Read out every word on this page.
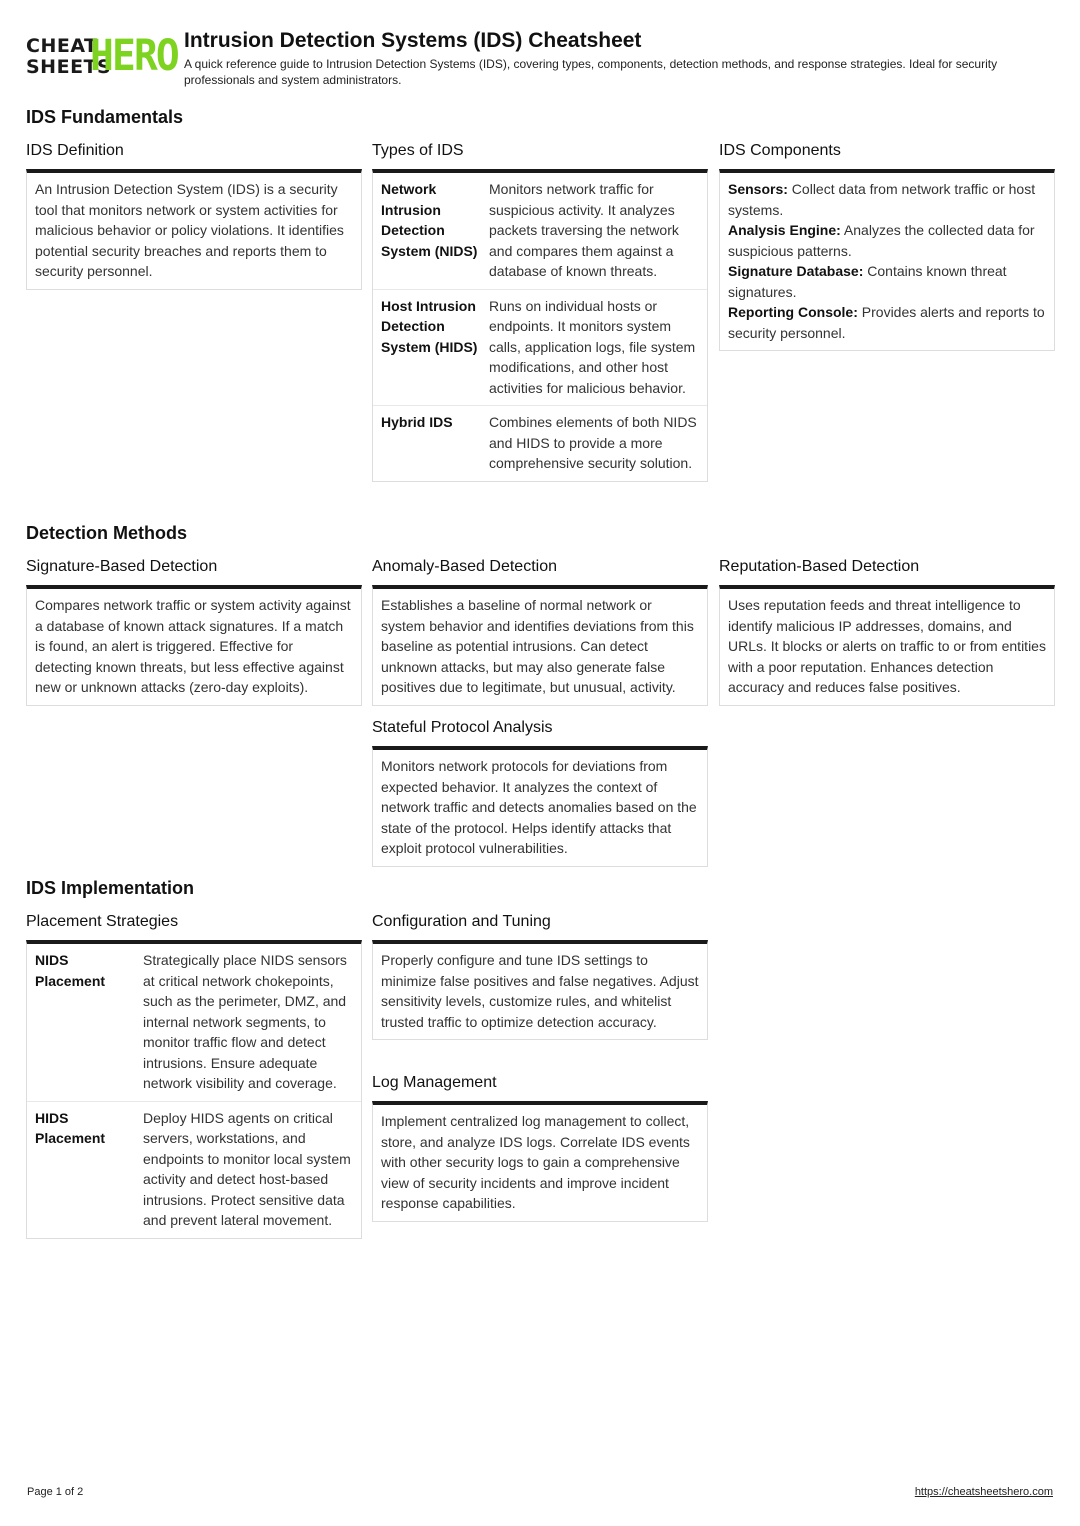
CHEAT
SHEETS
HERO Intrusion Detection Systems (IDS) Cheatsheet
A quick reference guide to Intrusion Detection Systems (IDS), covering types, components, detection methods, and response strategies. Ideal for security professionals and system administrators.
IDS Fundamentals
IDS Definition
An Intrusion Detection System (IDS) is a security tool that monitors network or system activities for malicious behavior or policy violations. It identifies potential security breaches and reports them to security personnel.
Types of IDS
Network Intrusion Detection System (NIDS)
Monitors network traffic for suspicious activity. It analyzes packets traversing the network and compares them against a database of known threats.
Host Intrusion Detection System (HIDS)
Runs on individual hosts or endpoints. It monitors system calls, application logs, file system modifications, and other host activities for malicious behavior.
Hybrid IDS	Combines elements of both NIDS and HIDS to provide a more comprehensive security solution.
IDS Components
Sensors: Collect data from network traffic or host systems.
Analysis Engine: Analyzes the collected data for suspicious patterns.
Signature Database: Contains known threat signatures.
Reporting Console: Provides alerts and reports to security personnel.
Detection Methods
Signature-Based Detection
Compares network traffic or system activity against a database of known attack signatures. If a match is found, an alert is triggered. Effective for detecting known threats, but less effective against new or unknown attacks (zero-day exploits).
Anomaly-Based Detection
Establishes a baseline of normal network or system behavior and identifies deviations from this baseline as potential intrusions. Can detect unknown attacks, but may also generate false positives due to legitimate, but unusual, activity.
Reputation-Based Detection
Uses reputation feeds and threat intelligence to identify malicious IP addresses, domains, and URLs. It blocks or alerts on traffic to or from entities with a poor reputation. Enhances detection accuracy and reduces false positives.
Stateful Protocol Analysis
Monitors network protocols for deviations from expected behavior. It analyzes the context of network traffic and detects anomalies based on the state of the protocol. Helps identify attacks that exploit protocol vulnerabilities.
IDS Implementation
Placement Strategies
NIDS Placement
Strategically place NIDS sensors at critical network chokepoints, such as the perimeter, DMZ, and internal network segments, to monitor traffic flow and detect intrusions. Ensure adequate network visibility and coverage.
HIDS Placement
Deploy HIDS agents on critical servers, workstations, and endpoints to monitor local system activity and detect host-based intrusions. Protect sensitive data and prevent lateral movement.
Configuration and Tuning
Properly configure and tune IDS settings to minimize false positives and false negatives. Adjust sensitivity levels, customize rules, and whitelist trusted traffic to optimize detection accuracy.
Log Management
Implement centralized log management to collect, store, and analyze IDS logs. Correlate IDS events with other security logs to gain a comprehensive view of security incidents and improve incident response capabilities.
Page 1 of 2	https://cheatsheetshero.com
